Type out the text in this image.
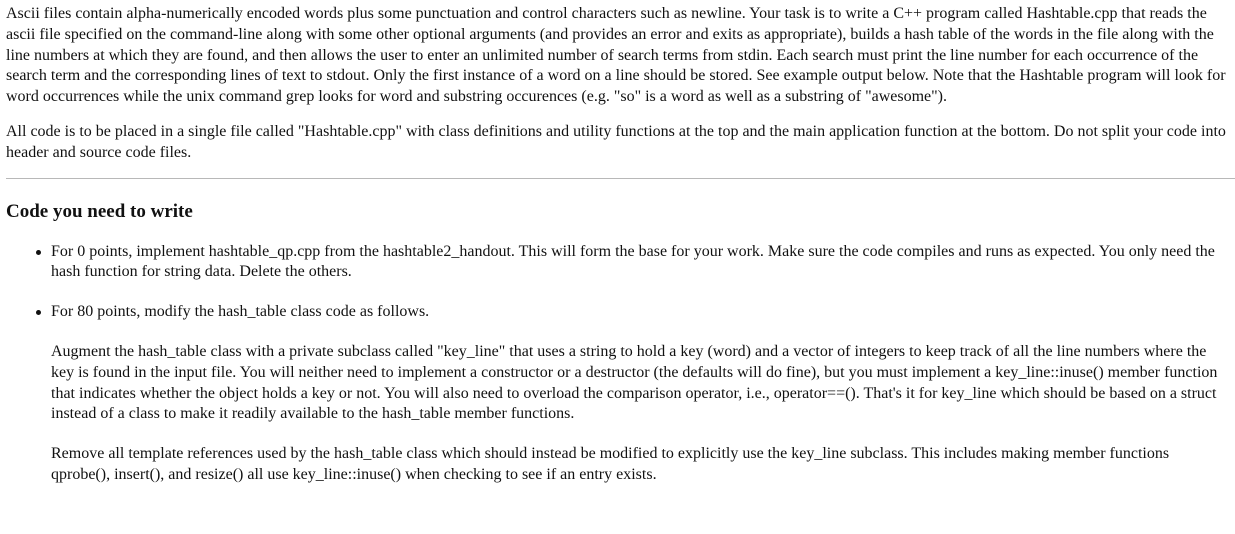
Ascii files contain alpha-numerically encoded words plus some punctuation and control characters such as newline. Your task is to write a C++ program called Hashtable.cpp that reads the ascii file specified on the command-line along with some other optional arguments (and provides an error and exits as appropriate), builds a hash table of the words in the file along with the line numbers at which they are found, and then allows the user to enter an unlimited number of search terms from stdin. Each search must print the line number for each occurrence of the search term and the corresponding lines of text to stdout. Only the first instance of a word on a line should be stored. See example output below. Note that the Hashtable program will look for word occurrences while the unix command grep looks for word and substring occurences (e.g. "so" is a word as well as a substring of "awesome").

All code is to be placed in a single file called "Hashtable.cpp" with class definitions and utility functions at the top and the main application function at the bottom. Do not split your code into header and source code files.

Code you need to write
For 0 points, implement hashtable_qp.cpp from the hashtable2_handout. This will form the base for your work. Make sure the code compiles and runs as expected. You only need the hash function for string data. Delete the others.
For 80 points, modify the hash_table class code as follows.
Augment the hash_table class with a private subclass called "key_line" that uses a string to hold a key (word) and a vector of integers to keep track of all the line numbers where the key is found in the input file. You will neither need to implement a constructor or a destructor (the defaults will do fine), but you must implement a key_line::inuse() member function that indicates whether the object holds a key or not. You will also need to overload the comparison operator, i.e., operator==(). That's it for key_line which should be based on a struct instead of a class to make it readily available to the hash_table member functions.
Remove all template references used by the hash_table class which should instead be modified to explicitly use the key_line subclass. This includes making member functions qprobe(), insert(), and resize() all use key_line::inuse() when checking to see if an entry exists.
